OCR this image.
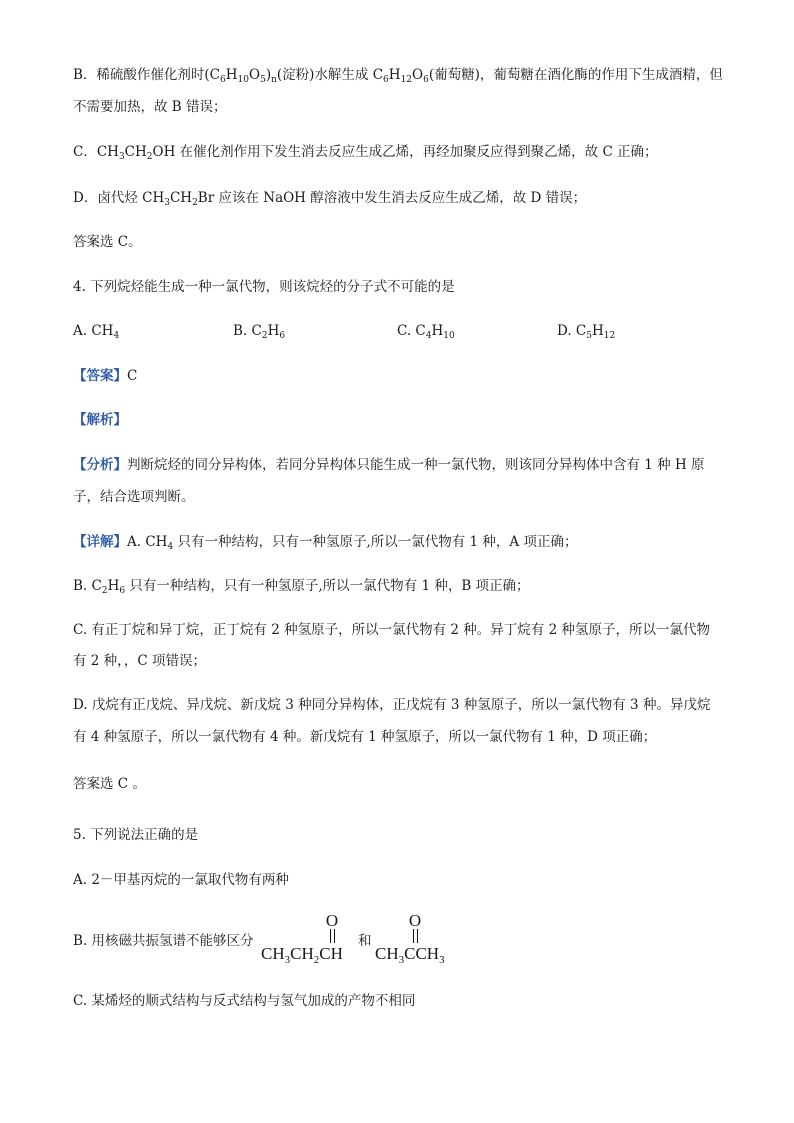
B．稀硫酸作催化剂时$(C_6H_{10}O_5)_n$(淀粉)水解生成 $C_6H_{12}O_6$(葡萄糖)，葡萄糖在酒化酶的作用下生成酒精，但
不需要加热，故 B 错误；
C．$CH_3CH_2OH$ 在催化剂作用下发生消去反应生成乙烯，再经加聚反应得到聚乙烯，故 C 正确；
D．卤代烃 $CH_3CH_2Br$ 应该在 NaOH 醇溶液中发生消去反应生成乙烯，故 D 错误；
答案选 C。
4. 下列烷烃能生成一种一氯代物，则该烷烃的分子式不可能的是
A. $CH_4$	B. $C_2H_6$	C. $C_4H_{10}$	D. $C_5H_{12}$
【答案】C
【解析】
【分析】判断烷烃的同分异构体，若同分异构体只能生成一种一氯代物，则该同分异构体中含有 1 种 H 原
子，结合选项判断。
【详解】A. $CH_4$ 只有一种结构，只有一种氢原子,所以一氯代物有 1 种，A 项正确；
B. $C_2H_6$ 只有一种结构，只有一种氢原子,所以一氯代物有 1 种，B 项正确；
C. 有正丁烷和异丁烷，正丁烷有 2 种氢原子，所以一氯代物有 2 种。异丁烷有 2 种氢原子，所以一氯代物
有 2 种，，C 项错误；
D. 戊烷有正戊烷、异戊烷、新戊烷 3 种同分异构体，正戊烷有 3 种氢原子，所以一氯代物有 3 种。异戊烷
有 4 种氢原子，所以一氯代物有 4 种。新戊烷有 1 种氢原子，所以一氯代物有 1 种，D 项正确；
答案选 C 。
5. 下列说法正确的是
A. 2－甲基丙烷的一氯取代物有两种
B. 用核磁共振氢谱不能够区分
O
$CH_3CH_2CH$
和
O
$CH_3CCH_3$
C. 某烯烃的顺式结构与反式结构与氢气加成的产物不相同
